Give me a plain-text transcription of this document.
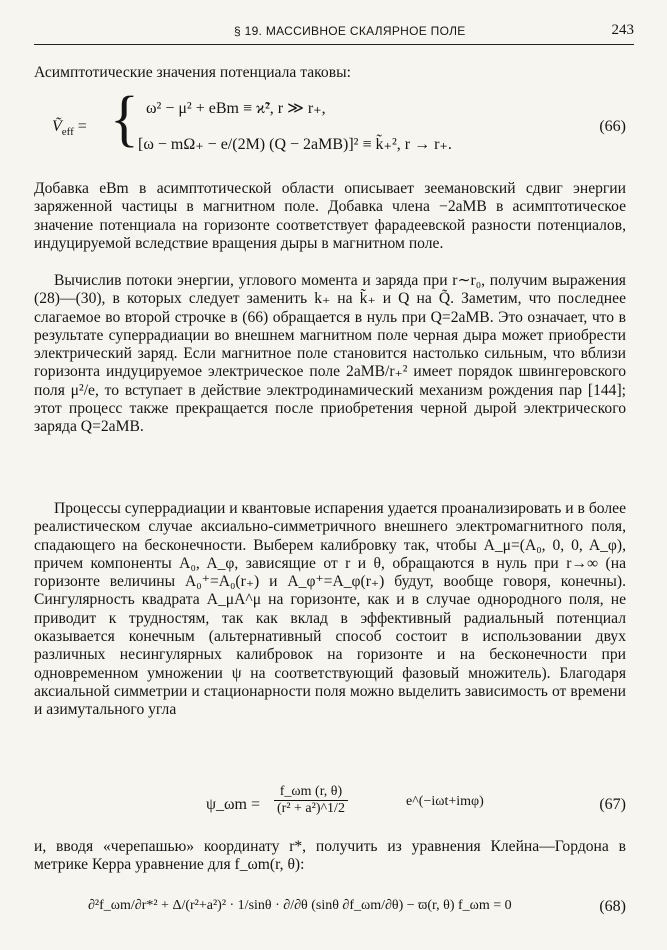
§ 19. МАССИВНОЕ СКАЛЯРНОЕ ПОЛЕ	243
Асимптотические значения потенциала таковы:
Ṽ$_{eff}$ = { ω² − μ² + eBm ≡ ϰ̃², r ≫ r₊,
[ω − mΩ₊ − e/(2M) (Q − 2aMB)]² ≡ k̃₊², r → r₊.
(66)
Добавка eBm в асимптотической области описывает зеемановский сдвиг энергии заряженной частицы в магнитном поле. Добавка члена −2aMB в асимптотическое значение потенциала на горизонте соответствует фарадеевской разности потенциалов, индуцируемой вследствие вращения дыры в магнитном поле.
Вычислив потоки энергии, углового момента и заряда при r∼r₀, получим выражения (28)—(30), в которых следует заменить k₊ на k̃₊ и Q на Q̃. Заметим, что последнее слагаемое во второй строчке в (66) обращается в нуль при Q=2aMB. Это означает, что в результате суперрадиации во внешнем магнитном поле черная дыра может приобрести электрический заряд. Если магнитное поле становится настолько сильным, что вблизи горизонта индуцируемое электрическое поле 2aMB/r₊² имеет порядок швингеровского поля μ²/e, то вступает в действие электродинамический механизм рождения пар [144]; этот процесс также прекращается после приобретения черной дырой электрического заряда Q=2aMB.
Процессы суперрадиации и квантовые испарения удается проанализировать и в более реалистическом случае аксиально-симметричного внешнего электромагнитного поля, спадающего на бесконечности. Выберем калибровку так, чтобы A_μ=(A₀, 0, 0, A_φ), причем компоненты A₀, A_φ, зависящие от r и θ, обращаются в нуль при r→∞ (на горизонте величины A₀⁺=A₀(r₊) и A_φ⁺=A_φ(r₊) будут, вообще говоря, конечны). Сингулярность квадрата A_μA^μ на горизонте, как и в случае однородного поля, не приводит к трудностям, так как вклад в эффективный радиальный потенциал оказывается конечным (альтернативный способ состоит в использовании двух различных несингулярных калибровок на горизонте и на бесконечности при одновременном умножении ψ на соответствующий фазовый множитель). Благодаря аксиальной симметрии и стационарности поля можно выделить зависимость от времени и азимутального угла
ψ_ωm = $\frac{f\_\omega m (r, \theta)}{\text{(r² + a²)\textasciicircum{}1/2}}$	e^(−iωt+imφ)	(67)
и, вводя «черепашью» координату r*, получить из уравнения Клейна—Гордона в метрике Керра уравнение для f_ωm(r, θ):
∂²f_ωm/∂r*² + Δ/(r²+a²)² · 1/sinθ · ∂/∂θ (sinθ ∂f_ωm/∂θ) − ϖ(r, θ) f_ωm = 0	(68)
